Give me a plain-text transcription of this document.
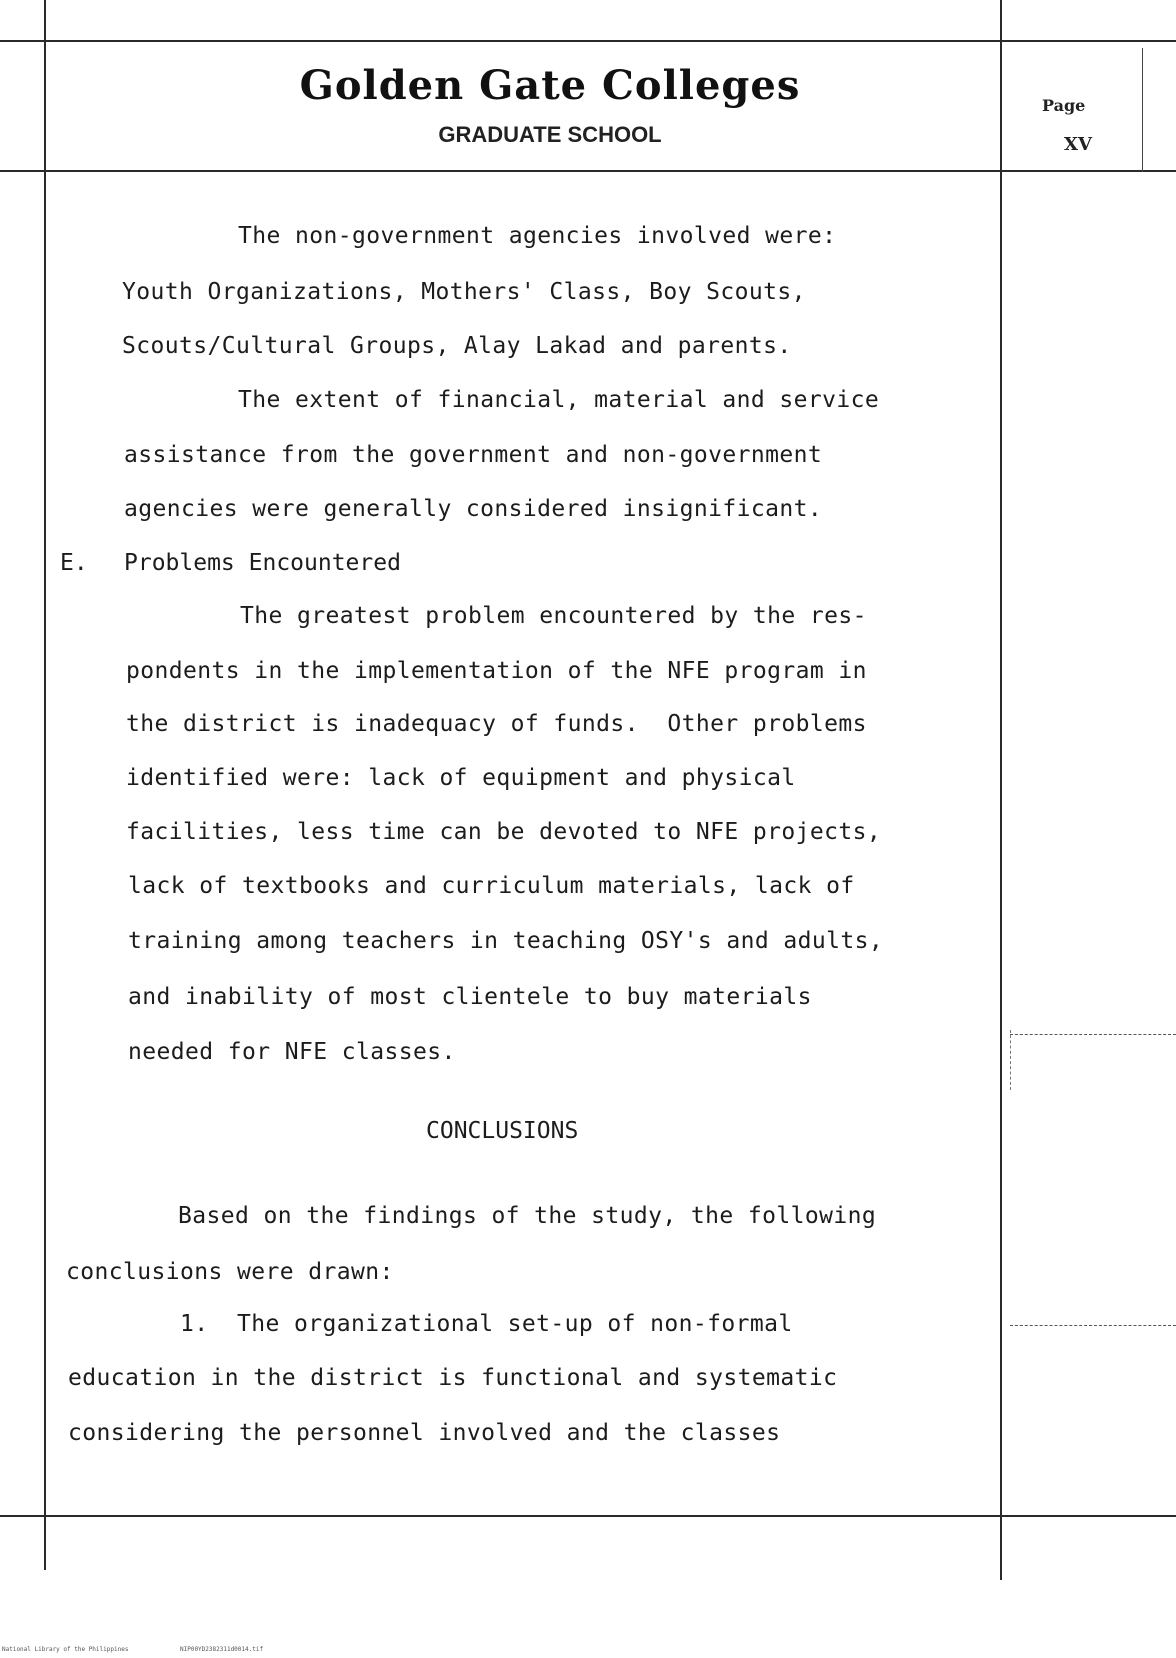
Golden Gate Colleges
GRADUATE SCHOOL
Page
XV
The non-government agencies involved were:
Youth Organizations, Mothers' Class, Boy Scouts,
Scouts/Cultural Groups, Alay Lakad and parents.
The extent of financial, material and service
assistance from the government and non-government
agencies were generally considered insignificant.
E. Problems Encountered
The greatest problem encountered by the res-
pondents in the implementation of the NFE program in
the district is inadequacy of funds.  Other problems
identified were: lack of equipment and physical
facilities, less time can be devoted to NFE projects,
lack of textbooks and curriculum materials, lack of
training among teachers in teaching OSY's and adults,
and inability of most clientele to buy materials
needed for NFE classes.
CONCLUSIONS
Based on the findings of the study, the following
conclusions were drawn:
1.  The organizational set-up of non-formal
education in the district is functional and systematic
considering the personnel involved and the classes
National Library of the Philippines	NIP00YD2382311d0014.tif
